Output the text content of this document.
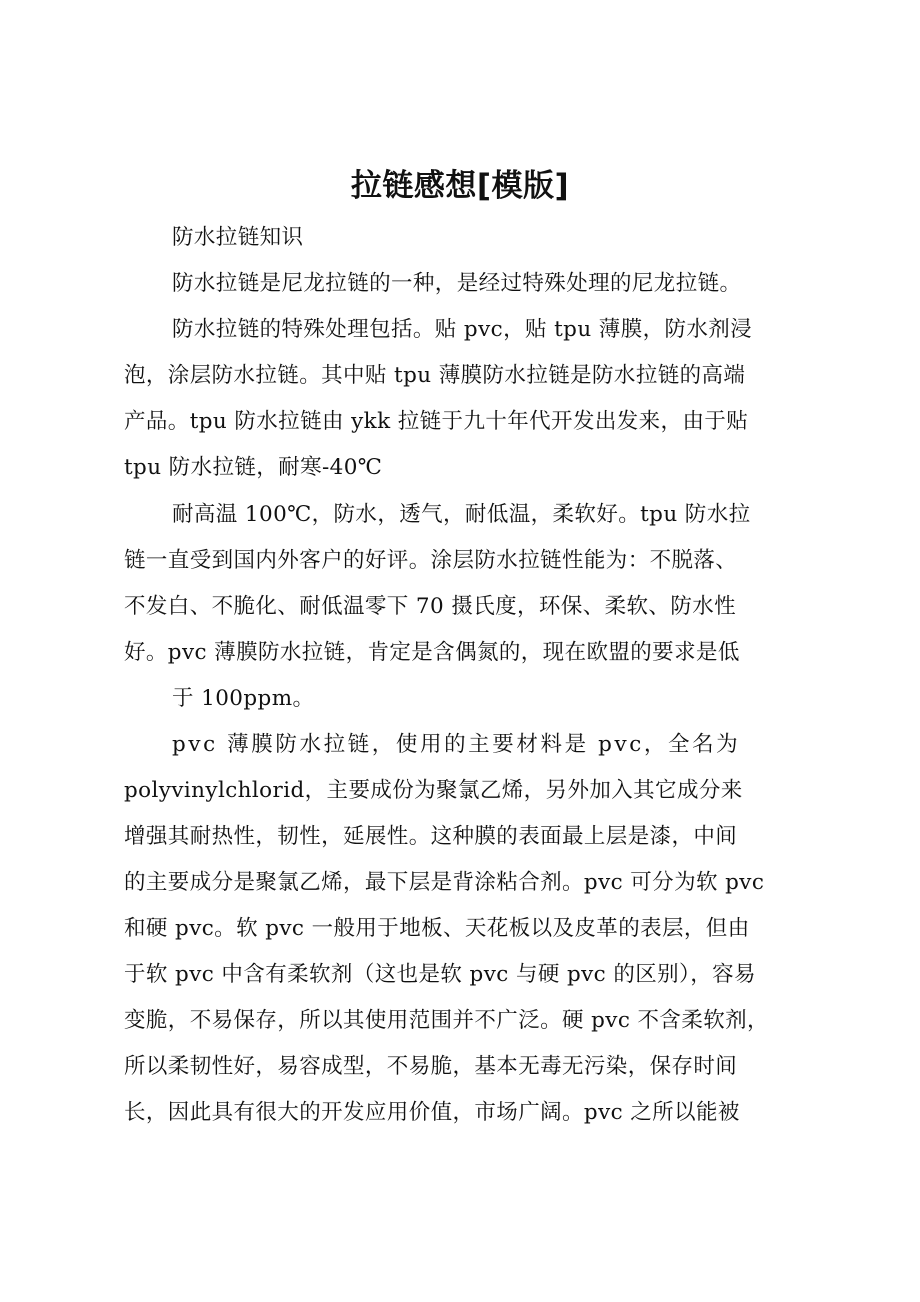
拉链感想[模版]

防水拉链知识

防水拉链是尼龙拉链的一种，是经过特殊处理的尼龙拉链。

防水拉链的特殊处理包括。贴 pvc，贴 tpu 薄膜，防水剂浸

泡，涂层防水拉链。其中贴 tpu 薄膜防水拉链是防水拉链的高端

产品。tpu 防水拉链由 ykk 拉链于九十年代开发出发来，由于贴

tpu 防水拉链，耐寒-40℃

耐高温 100℃，防水，透气，耐低温，柔软好。tpu 防水拉

链一直受到国内外客户的好评。涂层防水拉链性能为：不脱落、

不发白、不脆化、耐低温零下 70 摄氏度，环保、柔软、防水性

好。pvc 薄膜防水拉链，肯定是含偶氮的，现在欧盟的要求是低

于 100ppm。

pvc 薄膜防水拉链，使用的主要材料是 pvc，全名为

polyvinylchlorid，主要成份为聚氯乙烯，另外加入其它成分来

增强其耐热性，韧性，延展性。这种膜的表面最上层是漆，中间

的主要成分是聚氯乙烯，最下层是背涂粘合剂。pvc 可分为软 pvc

和硬 pvc。软 pvc 一般用于地板、天花板以及皮革的表层，但由

于软 pvc 中含有柔软剂（这也是软 pvc 与硬 pvc 的区别），容易

变脆，不易保存，所以其使用范围并不广泛。硬 pvc 不含柔软剂，

所以柔韧性好，易容成型，不易脆，基本无毒无污染，保存时间

长，因此具有很大的开发应用价值，市场广阔。pvc 之所以能被
